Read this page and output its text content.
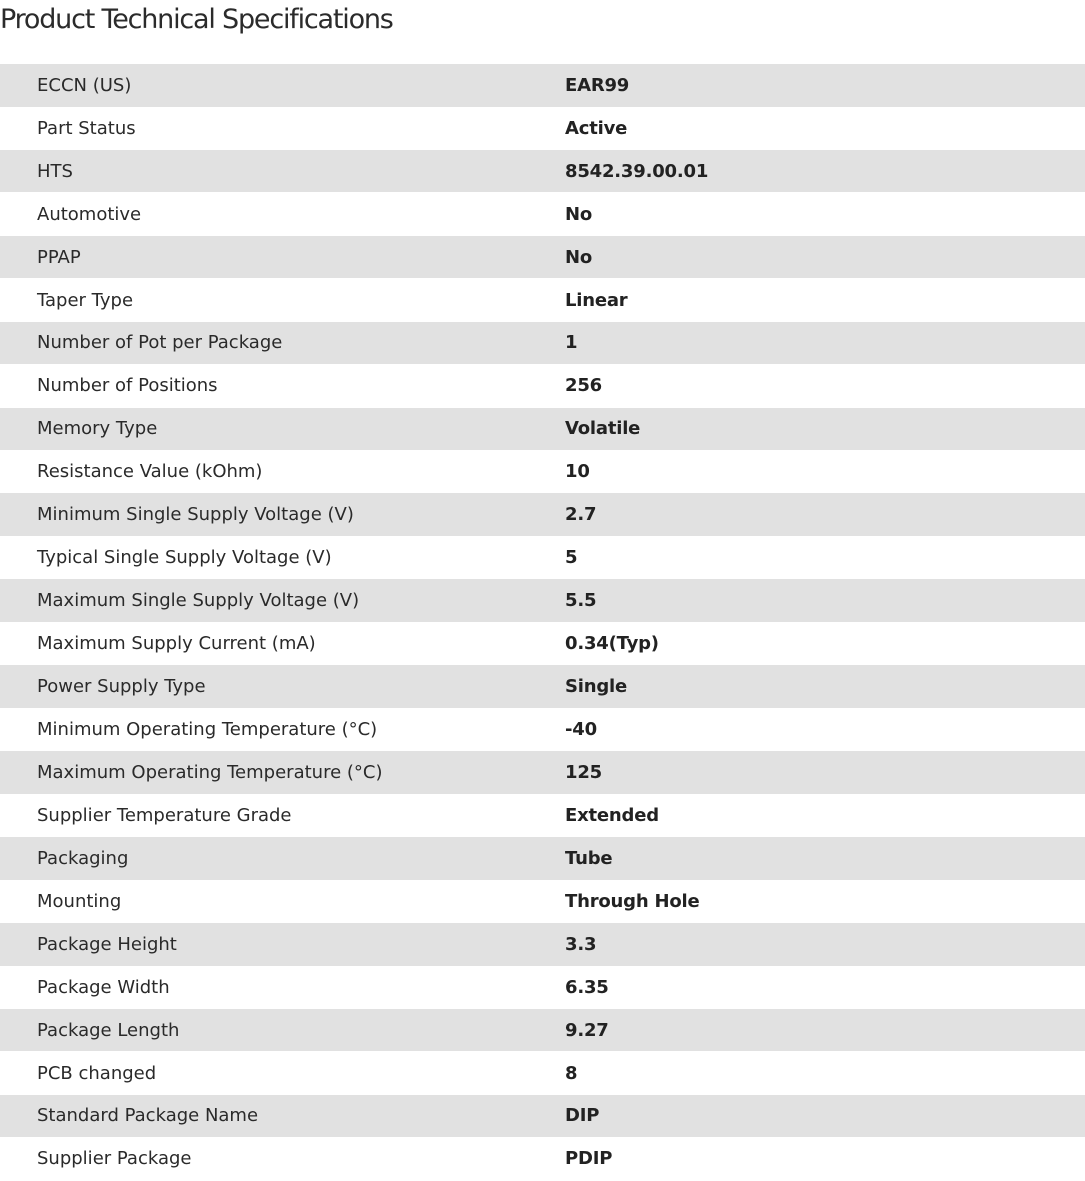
Product Technical Specifications
ECCN (US)	EAR99
Part Status	Active
HTS	8542.39.00.01
Automotive	No
PPAP	No
Taper Type	Linear
Number of Pot per Package	1
Number of Positions	256
Memory Type	Volatile
Resistance Value (kOhm)	10
Minimum Single Supply Voltage (V)	2.7
Typical Single Supply Voltage (V)	5
Maximum Single Supply Voltage (V)	5.5
Maximum Supply Current (mA)	0.34(Typ)
Power Supply Type	Single
Minimum Operating Temperature (°C)	-40
Maximum Operating Temperature (°C)	125
Supplier Temperature Grade	Extended
Packaging	Tube
Mounting	Through Hole
Package Height	3.3
Package Width	6.35
Package Length	9.27
PCB changed	8
Standard Package Name	DIP
Supplier Package	PDIP
